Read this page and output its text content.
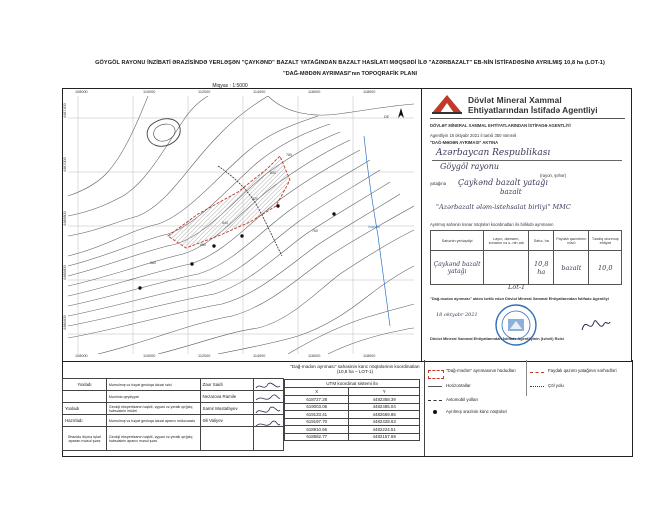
GÖYGÖL RAYONU İNZİBATİ ƏRAZİSİNDƏ YERLƏŞƏN "ÇAYKƏND" BAZALT YATAĞINDAN BAZALT HASİLATI MƏQSƏDİ İLƏ "AZƏRBAZALT" EB-NİN İSTİFADƏSİNƏ AYRILMIŞ 10,8 ha (LOT-1)
"DAĞ-MƏDƏN AYRIMASI"nın TOPOQRAFİK PLANI
Miqyas : 1:5000
108000	110000	112000	114000	116000	118000
108000	110000	112000	114000	116000	118000
4487400
4487000
4486800
4486600
4486400
880
860
840
820
800
780
760
Xokullu
DE
Dövlət Mineral Xammal
Ehtiyatlarından İstifadə Agentliyi
DÖVLƏT MİNERAL XAMMAL EHTİYATLARINDAN İSTİFADƏ AGENTLİYİ
Agentliyin 18 oktyabr 2021 il tarixli 350 nömrəli
"DAĞ-MƏDƏN AYRIMASI" AKTINA
Azərbaycan Respublikası
Göygöl rayonu
(rayon, şəhər)
yatağına Çaykənd bazalt yatağı
bazalt
"Azərbazalt ələm-istehsalat birliyi" MMC
Ayrılmış sahənin kənar nöqtələri koordinatları ilə birlikdə ayrımanın
Sahənin yerləşdiyi	Layın, damarın, zonanın və s.-nin adı	Sahə, ha	Faydalı qazıntının növü	Təsdiq olunmuş ehtiyat
Çaykənd bazalt yatağı		10,8 ha	bazalt	10,0
Lot-1
"Dağ-mədən ayrıması" aktını tərtib edən Dövlət Mineral Xammal Ehtiyatlarından İstifadə Agentliyi
18 oktyabr 2021
Dövlət Mineral Xammal Ehtiyatlarından İstifadə Agentliyinin (təhvil) Rəisi
Yoxladı	Məmulmış və həyat geoloqa ləkəsi rəisi	Zaur Saidi	
	Mənimlə qeydiyyat	Nezarova Ramile	
Yoxladı	Geoloji ekspertizanın təşkili, əyyəst və yeraltı qırğılıq həbsəsinin müdiri	Samir Mustafayev	
Hazırladı	Məmulmış və həyat geoloqa ləkəsi aparıcı mütəxəssis	Əli Valiyev	
Ərazidə ölçmə işləri aparan məsul şəxs	Geoloji ekspertizanın təşkili, əyyəst və yeraltı qırğılıq həbsəsinin aparıcı məsul şəxs		
"Dağ-mədən ayrıması" sahəsinin künc nöqtələrinin koordinatları (10,8 ha – LOT-1)
UTM koordinat sistemi ilə	
X	Y
618727.28	4482358.39
619003.06	4482485.04
619133.41	4482669.86
619197.70	4482428.63
618910.66	4482224.51
618582.77	4482157.69
"Dağ-mədən" ayrımasının hüdudları
Horizontallar
Avtomobil yolları
Ayrılmış ərazinin künc nöqtələri
Faydalı qazıntı yatağının sərhədləri
Çöl yolu
